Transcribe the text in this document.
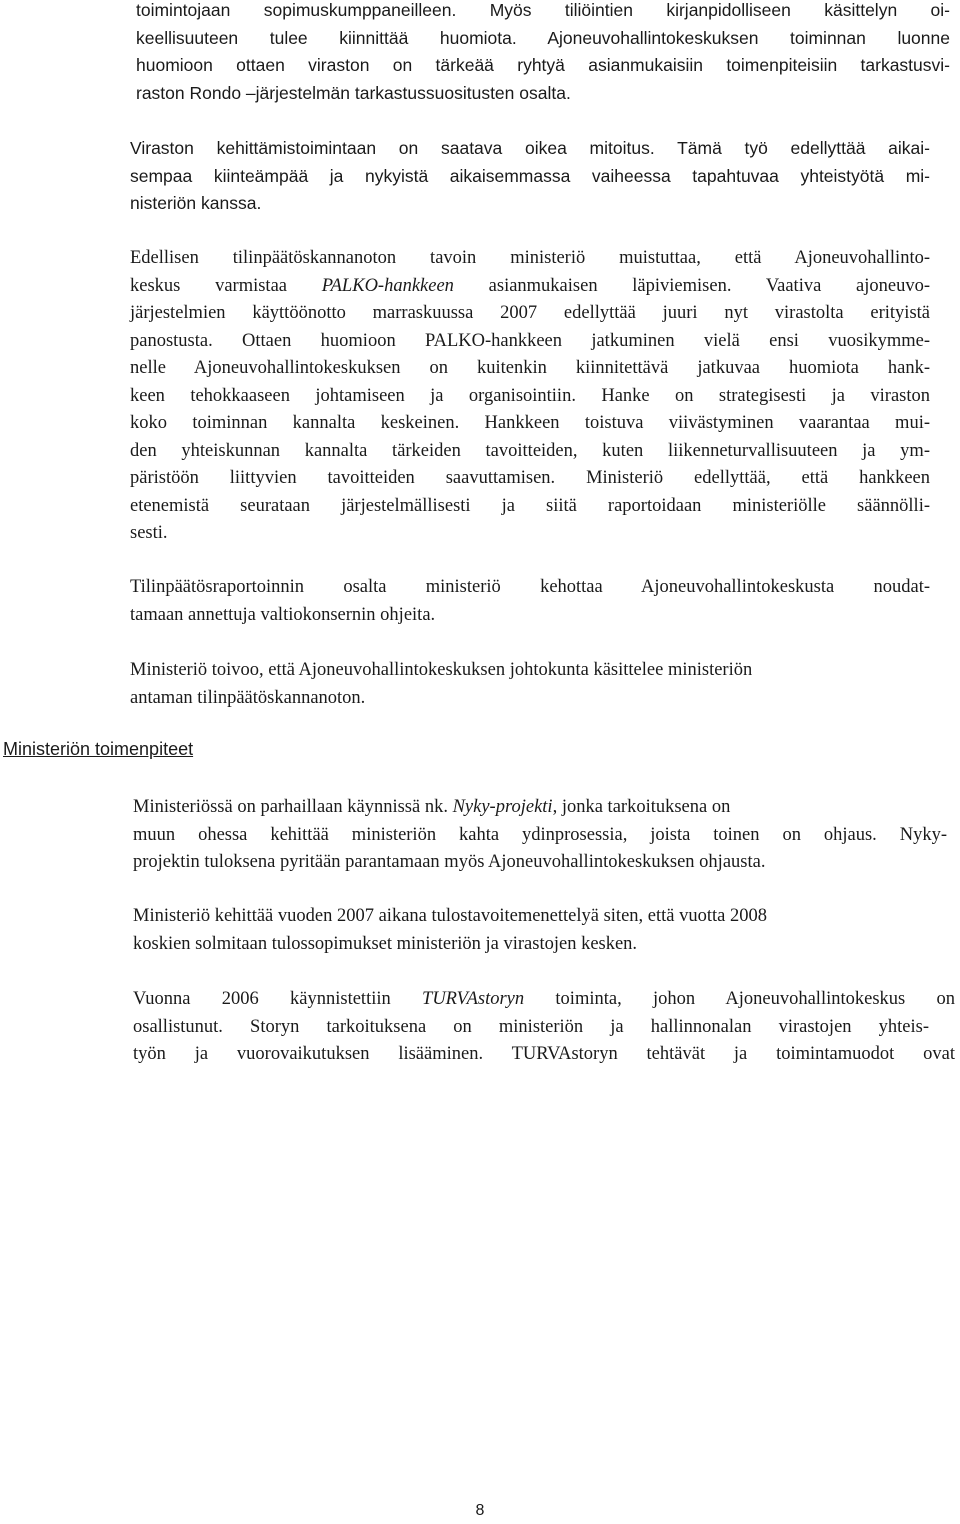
toimintojaan sopimuskumppaneilleen. Myös tiliöintien kirjanpidolliseen käsittelyn oi-
keellisuuteen tulee kiinnittää huomiota. Ajoneuvohallintokeskuksen toiminnan luonne
huomioon ottaen viraston on tärkeää ryhtyä asianmukaisiin toimenpiteisiin tarkastusvi-
raston Rondo –järjestelmän tarkastussuositusten osalta.
Viraston kehittämistoimintaan on saatava oikea mitoitus. Tämä työ edellyttää aikai-
sempaa kiinteämpää ja nykyistä aikaisemmassa vaiheessa tapahtuvaa yhteistyötä mi-
nisteriön kanssa.
Edellisen tilinpäätöskannanoton tavoin ministeriö muistuttaa, että Ajoneuvohallinto-
keskus varmistaa PALKO-hankkeen asianmukaisen läpiviemisen. Vaativa ajoneuvo-
järjestelmien käyttöönotto marraskuussa 2007 edellyttää juuri nyt virastolta erityistä
panostusta. Ottaen huomioon PALKO-hankkeen jatkuminen vielä ensi vuosikymme-
nelle Ajoneuvohallintokeskuksen on kuitenkin kiinnitettävä jatkuvaa huomiota hank-
keen tehokkaaseen johtamiseen ja organisointiin. Hanke on strategisesti ja viraston
koko toiminnan kannalta keskeinen. Hankkeen toistuva viivästyminen vaarantaa mui-
den yhteiskunnan kannalta tärkeiden tavoitteiden, kuten liikenneturvallisuuteen ja ym-
päristöön liittyvien tavoitteiden saavuttamisen. Ministeriö edellyttää, että hankkeen
etenemistä seurataan järjestelmällisesti ja siitä raportoidaan ministeriölle säännölli-
sesti.
Tilinpäätösraportoinnin osalta ministeriö kehottaa Ajoneuvohallintokeskusta noudat-
tamaan annettuja valtiokonsernin ohjeita.
Ministeriö toivoo, että Ajoneuvohallintokeskuksen johtokunta käsittelee ministeriön
antaman tilinpäätöskannanoton.
Ministeriön toimenpiteet
Ministeriössä on parhaillaan käynnissä nk. Nyky-projekti, jonka tarkoituksena on
muun ohessa kehittää ministeriön kahta ydinprosessia, joista toinen on ohjaus. Nyky-
projektin tuloksena pyritään parantamaan myös Ajoneuvohallintokeskuksen ohjausta.
Ministeriö kehittää vuoden 2007 aikana tulostavoitemenettelyä siten, että vuotta 2008
koskien solmitaan tulossopimukset ministeriön ja virastojen kesken.
Vuonna 2006 käynnistettiin TURVAstoryn toiminta, johon Ajoneuvohallintokeskus on
osallistunut. Storyn tarkoituksena on ministeriön ja hallinnonalan virastojen yhteis-
työn ja vuorovaikutuksen lisääminen. TURVAstoryn tehtävät ja toimintamuodot ovat
8
